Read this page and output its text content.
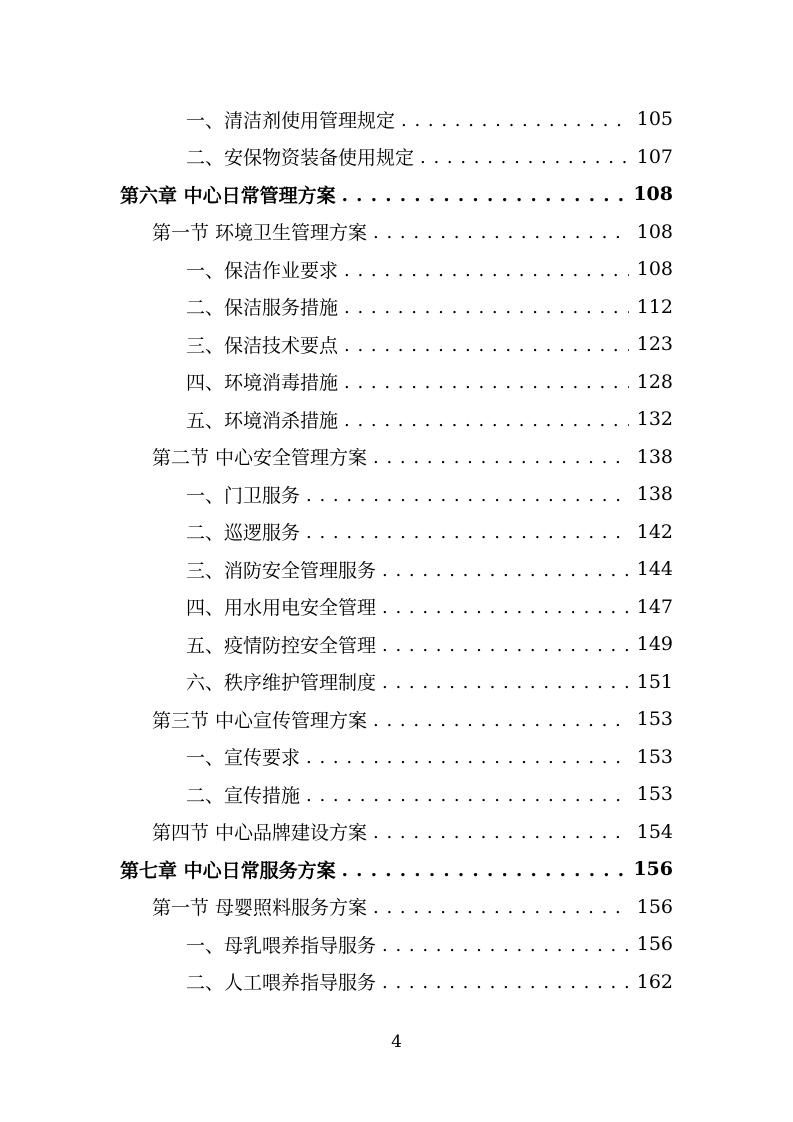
一、清洁剂使用管理规定 . . .	105
二、安保物资装备使用规定 . . .	107
第六章 中心日常管理方案 . . .	108
第一节 环境卫生管理方案 . . .	108
一、保洁作业要求 . . .	108
二、保洁服务措施 . . .	112
三、保洁技术要点 . . .	123
四、环境消毒措施 . . .	128
五、环境消杀措施 . . .	132
第二节 中心安全管理方案 . . .	138
一、门卫服务 . . .	138
二、巡逻服务 . . .	142
三、消防安全管理服务 . . .	144
四、用水用电安全管理 . . .	147
五、疫情防控安全管理 . . .	149
六、秩序维护管理制度 . . .	151
第三节 中心宣传管理方案 . . .	153
一、宣传要求 . . .	153
二、宣传措施 . . .	153
第四节 中心品牌建设方案 . . .	154
第七章 中心日常服务方案 . . .	156
第一节 母婴照料服务方案 . . .	156
一、母乳喂养指导服务 . . .	156
二、人工喂养指导服务 . . .	162
4
